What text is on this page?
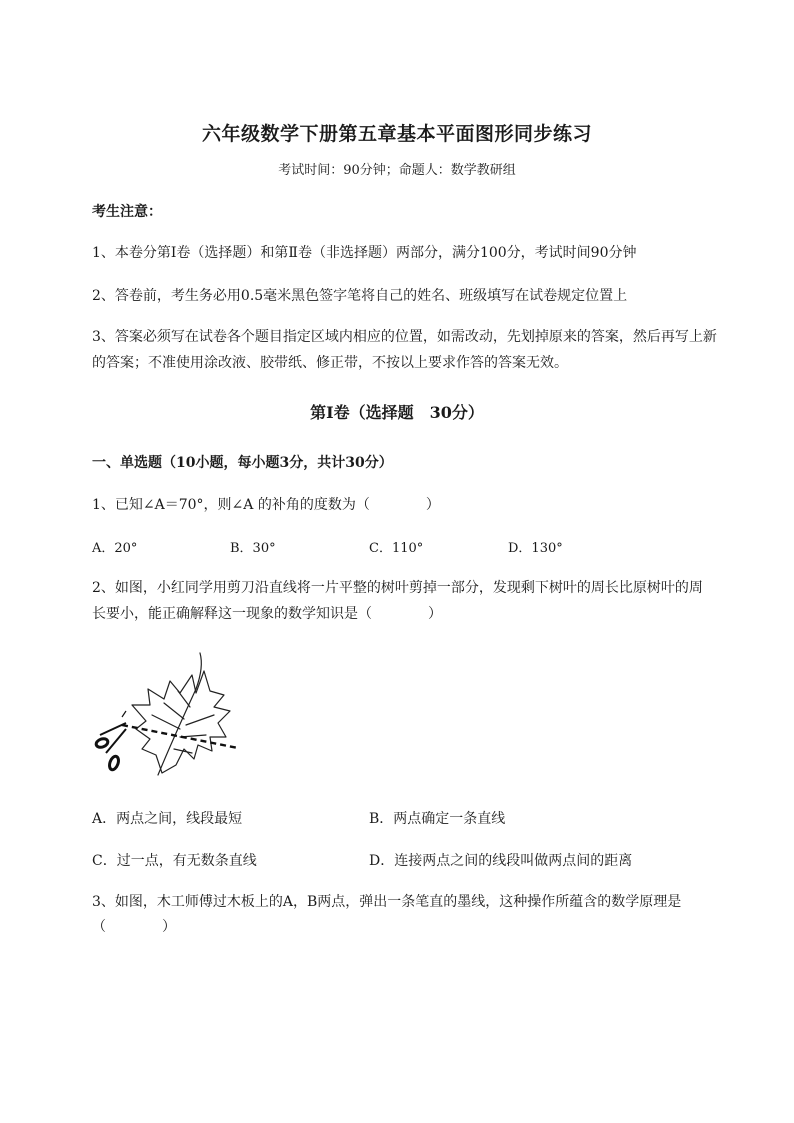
六年级数学下册第五章基本平面图形同步练习
考试时间：90分钟；命题人：数学教研组
考生注意：
1、本卷分第I卷（选择题）和第Ⅱ卷（非选择题）两部分，满分100分，考试时间90分钟
2、答卷前，考生务必用0.5毫米黑色签字笔将自己的姓名、班级填写在试卷规定位置上
3、答案必须写在试卷各个题目指定区域内相应的位置，如需改动，先划掉原来的答案，然后再写上新
的答案；不准使用涂改液、胶带纸、修正带，不按以上要求作答的答案无效。
第I卷（选择题　30分）
一、单选题（10小题，每小题3分，共计30分）
1、已知∠A＝70°，则∠A 的补角的度数为（　　　　）
A．20°	B．30°	C．110°	D．130°
2、如图，小红同学用剪刀沿直线将一片平整的树叶剪掉一部分，发现剩下树叶的周长比原树叶的周
长要小，能正确解释这一现象的数学知识是（　　　　）
A．两点之间，线段最短	B．两点确定一条直线
C．过一点，有无数条直线	D．连接两点之间的线段叫做两点间的距离
3、如图，木工师傅过木板上的A，B两点，弹出一条笔直的墨线，这种操作所蕴含的数学原理是
（　　　　）
